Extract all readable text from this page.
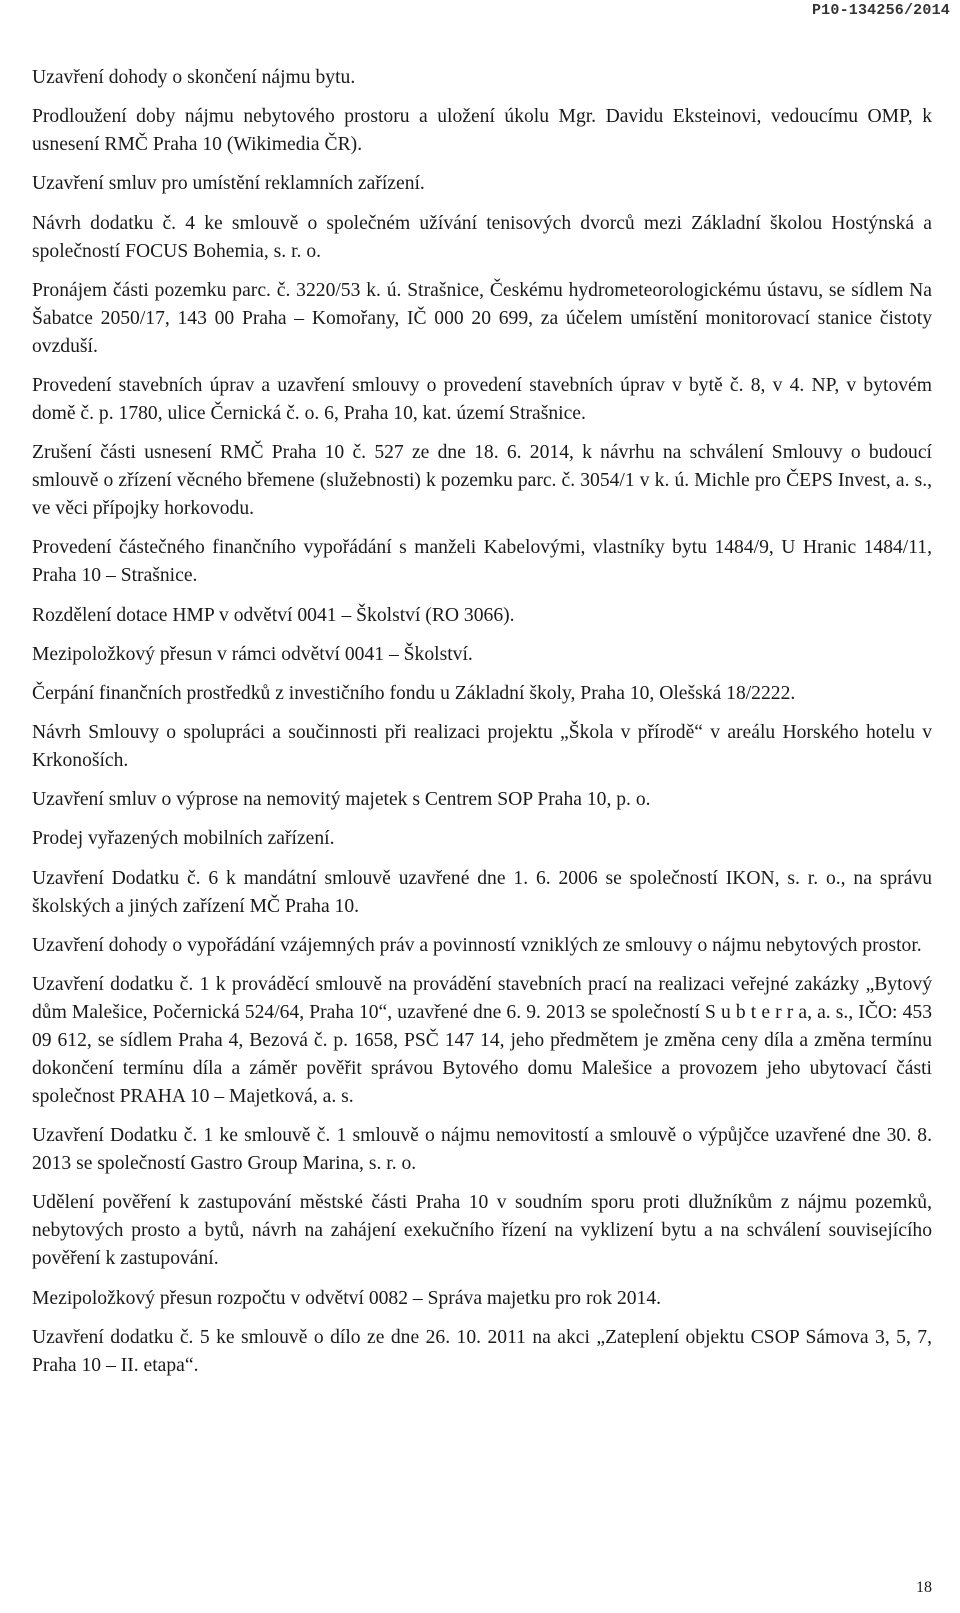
P10-134256/2014

Uzavření dohody o skončení nájmu bytu.

Prodloužení doby nájmu nebytového prostoru a uložení úkolu Mgr. Davidu Eksteinovi, vedoucímu OMP, k usnesení RMČ Praha 10 (Wikimedia ČR).

Uzavření smluv pro umístění reklamních zařízení.

Návrh dodatku č. 4 ke smlouvě o společném užívání tenisových dvorců mezi Základní školou Hostýnská a společností FOCUS Bohemia, s. r. o.

Pronájem části pozemku parc. č. 3220/53 k. ú. Strašnice, Českému hydrometeorologickému ústavu, se sídlem Na Šabatce 2050/17, 143 00 Praha – Komořany, IČ 000 20 699, za účelem umístění monitorovací stanice čistoty ovzduší.

Provedení stavebních úprav a uzavření smlouvy o provedení stavebních úprav v bytě č. 8, v 4. NP, v bytovém domě č. p. 1780, ulice Černická č. o. 6, Praha 10, kat. území Strašnice.

Zrušení části usnesení RMČ Praha 10 č. 527 ze dne 18. 6. 2014, k návrhu na schválení Smlouvy o budoucí smlouvě o zřízení věcného břemene (služebnosti) k pozemku parc. č. 3054/1 v k. ú. Michle pro ČEPS Invest, a. s., ve věci přípojky horkovodu.

Provedení částečného finančního vypořádání s manželi Kabelovými, vlastníky bytu 1484/9, U Hranic 1484/11, Praha 10 – Strašnice.

Rozdělení dotace HMP v odvětví 0041 – Školství (RO 3066).

Mezipoložkový přesun v rámci odvětví 0041 – Školství.

Čerpání finančních prostředků z investičního fondu u Základní školy, Praha 10, Olešská 18/2222.

Návrh Smlouvy o spolupráci a součinnosti při realizaci projektu „Škola v přírodě“ v areálu Horského hotelu v Krkonoších.

Uzavření smluv o výprose na nemovitý majetek s Centrem SOP Praha 10, p. o.

Prodej vyřazených mobilních zařízení.

Uzavření Dodatku č. 6 k mandátní smlouvě uzavřené dne 1. 6. 2006 se společností IKON, s. r. o., na správu školských a jiných zařízení MČ Praha 10.

Uzavření dohody o vypořádání vzájemných práv a povinností vzniklých ze smlouvy o nájmu nebytových prostor.

Uzavření dodatku č. 1 k prováděcí smlouvě na provádění stavebních prací na realizaci veřejné zakázky „Bytový dům Malešice, Počernická 524/64, Praha 10“, uzavřené dne 6. 9. 2013 se společností S u b t e r r a, a. s., IČO: 453 09 612, se sídlem Praha 4, Bezová č. p. 1658, PSČ 147 14, jeho předmětem je změna ceny díla a změna termínu dokončení termínu díla a záměr pověřit správou Bytového domu Malešice a provozem jeho ubytovací části společnost PRAHA 10 – Majetková, a. s.

Uzavření Dodatku č. 1 ke smlouvě č. 1 smlouvě o nájmu nemovitostí a smlouvě o výpůjčce uzavřené dne 30. 8. 2013 se společností Gastro Group Marina, s. r. o.

Udělení pověření k zastupování městské části Praha 10 v soudním sporu proti dlužníkům z nájmu pozemků, nebytových prosto a bytů, návrh na zahájení exekučního řízení na vyklizení bytu a na schválení souvisejícího pověření k zastupování.

Mezipoložkový přesun rozpočtu v odvětví 0082 – Správa majetku pro rok 2014.

Uzavření dodatku č. 5 ke smlouvě o dílo ze dne 26. 10. 2011 na akci „Zateplení objektu CSOP Sámova 3, 5, 7, Praha 10 – II. etapa“.

18
